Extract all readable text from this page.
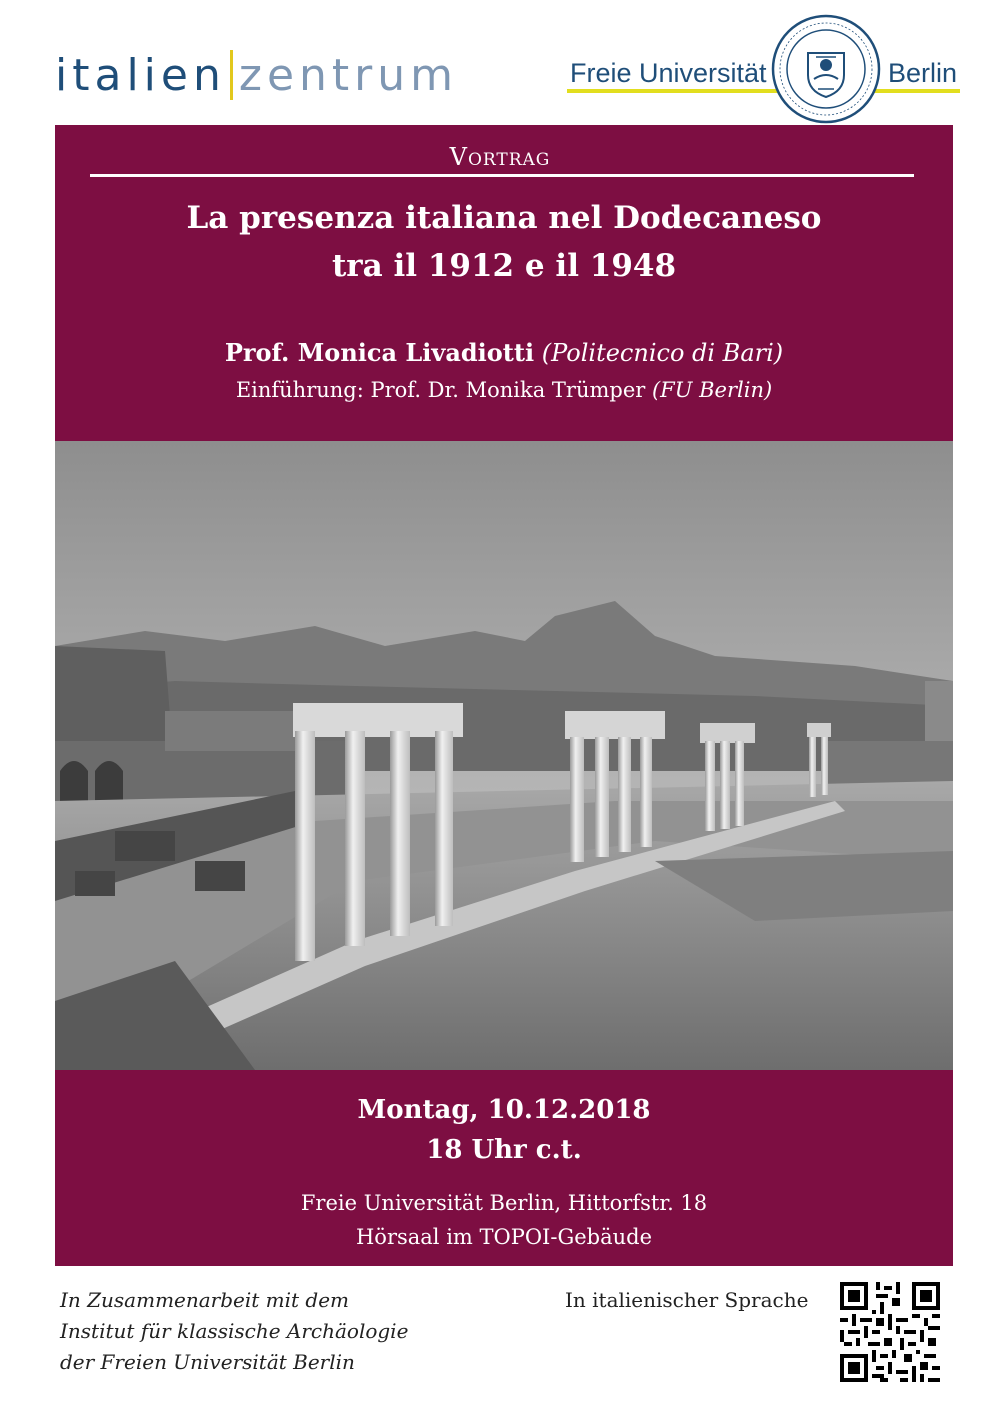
italien zentrum	Freie Universität	Berlin
Vortrag
La presenza italiana nel Dodecaneso
tra il 1912 e il 1948
Prof. Monica Livadiotti (Politecnico di Bari)
Einführung: Prof. Dr. Monika Trümper (FU Berlin)
Montag, 10.12.2018
18 Uhr c.t.
Freie Universität Berlin, Hittorfstr. 18
Hörsaal im TOPOI-Gebäude
In Zusammenarbeit mit dem
Institut für klassische Archäologie
der Freien Universität Berlin
In italienischer Sprache
